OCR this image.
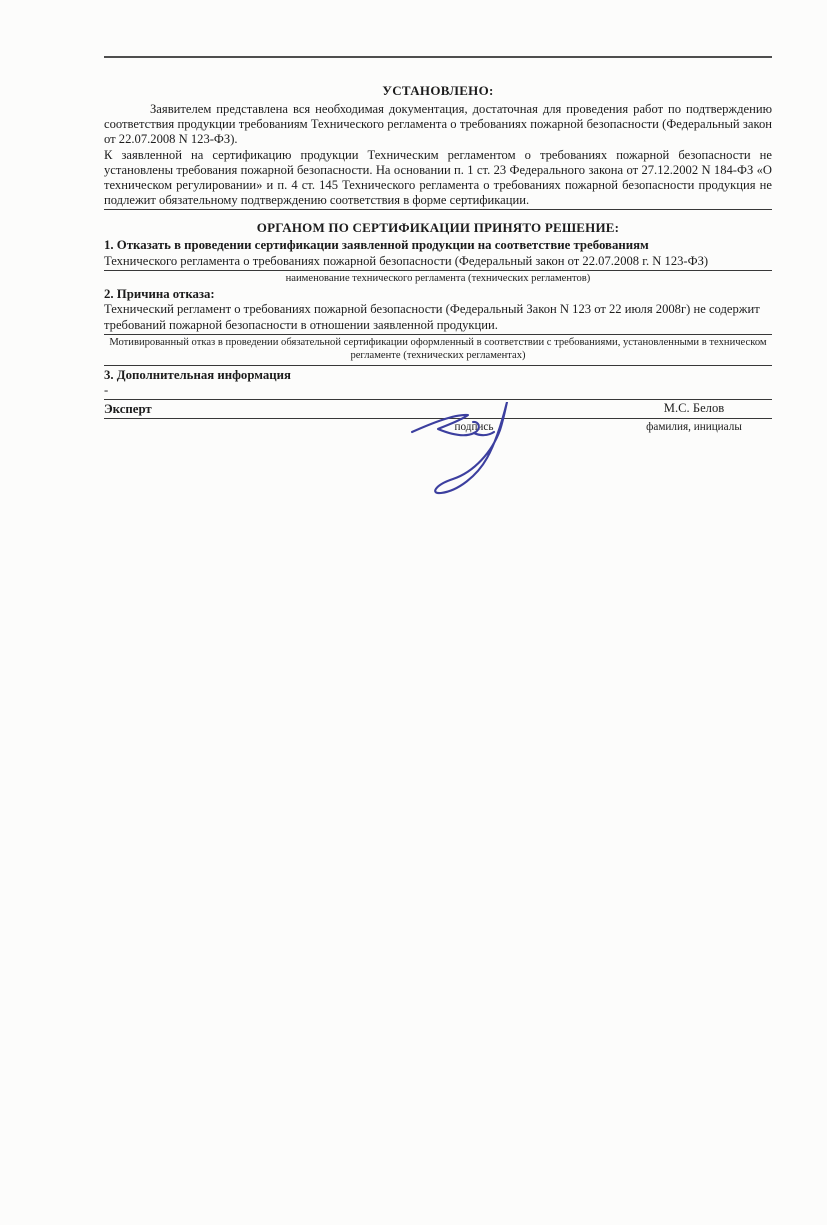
УСТАНОВЛЕНО:

Заявителем представлена вся необходимая документация, достаточная для проведения работ по подтверждению соответствия продукции требованиям Технического регламента о требованиях пожарной безопасности (Федеральный закон от 22.07.2008 N 123-ФЗ).

К заявленной на сертификацию продукции Техническим регламентом о требованиях пожарной безопасности не установлены требования пожарной безопасности. На основании п. 1 ст. 23 Федерального закона от 27.12.2002 N 184-ФЗ «О техническом регулировании» и п. 4 ст. 145 Технического регламента о требованиях пожарной безопасности продукция не подлежит обязательному подтверждению соответствия в форме сертификации.

ОРГАНОМ ПО СЕРТИФИКАЦИИ ПРИНЯТО РЕШЕНИЕ:
1. Отказать в проведении сертификации заявленной продукции на соответствие требованиям
Технического регламента о требованиях пожарной безопасности (Федеральный закон от 22.07.2008 г. N 123-ФЗ)
наименование технического регламента (технических регламентов)
2. Причина отказа:
Технический регламент о требованиях пожарной безопасности (Федеральный Закон N 123 от 22 июля 2008г) не содержит требований пожарной безопасности в отношении заявленной продукции.
Мотивированный отказ в проведении обязательной сертификации оформленный в соответствии с требованиями, установленными в техническом регламенте (технических регламентах)
3. Дополнительная информация
-
Эксперт	М.С. Белов
подпись	фамилия, инициалы
